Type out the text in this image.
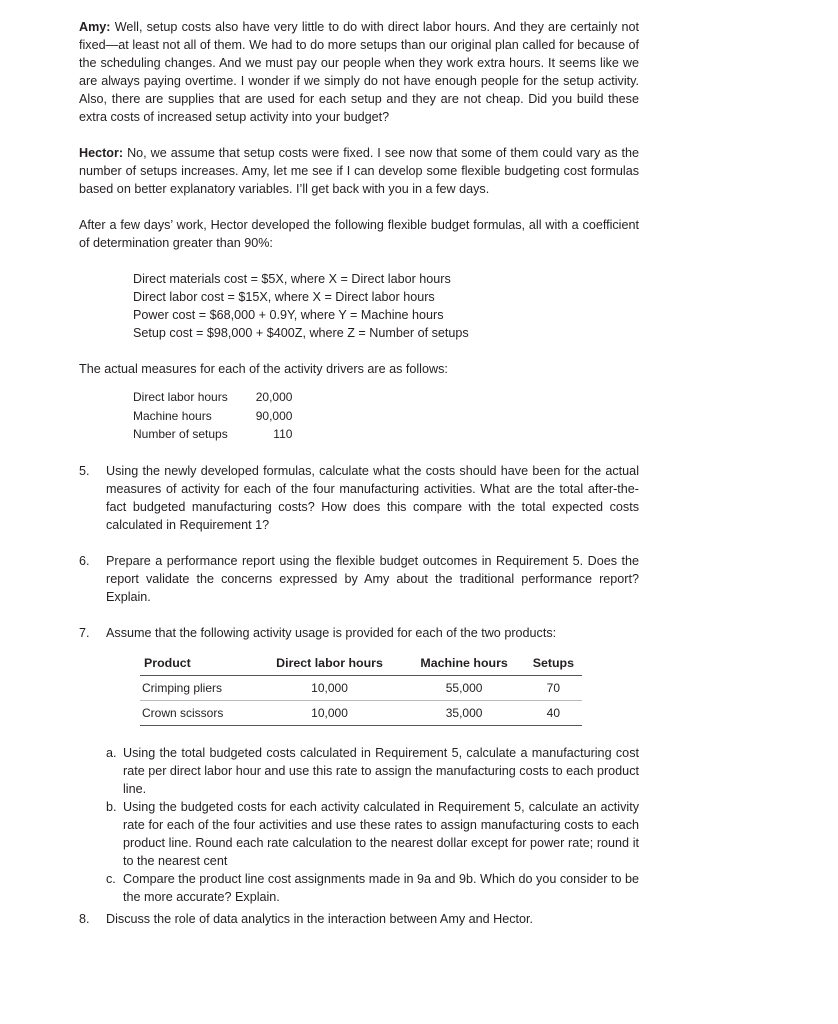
Amy: Well, setup costs also have very little to do with direct labor hours. And they are certainly not fixed—at least not all of them. We had to do more setups than our original plan called for because of the scheduling changes. And we must pay our people when they work extra hours. It seems like we are always paying overtime. I wonder if we simply do not have enough people for the setup activity. Also, there are supplies that are used for each setup and they are not cheap. Did you build these extra costs of increased setup activity into your budget?

Hector: No, we assume that setup costs were fixed. I see now that some of them could vary as the number of setups increases. Amy, let me see if I can develop some flexible budgeting cost formulas based on better explanatory variables. I’ll get back with you in a few days.

After a few days’ work, Hector developed the following flexible budget formulas, all with a coefficient of determination greater than 90%:

Direct materials cost = $5X, where X = Direct labor hours
Direct labor cost = $15X, where X = Direct labor hours
Power cost = $68,000 + 0.9Y, where Y = Machine hours
Setup cost = $98,000 + $400Z, where Z = Number of setups

The actual measures for each of the activity drivers are as follows:

Direct labor hours	20,000
Machine hours	90,000
Number of setups	110
5. Using the newly developed formulas, calculate what the costs should have been for the actual measures of activity for each of the four manufacturing activities. What are the total after-the-fact budgeted manufacturing costs? How does this compare with the total expected costs calculated in Requirement 1?

6. Prepare a performance report using the flexible budget outcomes in Requirement 5. Does the report validate the concerns expressed by Amy about the traditional performance report? Explain.

7. Assume that the following activity usage is provided for each of the two products:

Product	Direct labor hours	Machine hours	Setups
Crimping pliers	10,000	55,000	70
Crown scissors	10,000	35,000	40
a. Using the total budgeted costs calculated in Requirement 5, calculate a manufacturing cost rate per direct labor hour and use this rate to assign the manufacturing costs to each product line.
b. Using the budgeted costs for each activity calculated in Requirement 5, calculate an activity rate for each of the four activities and use these rates to assign manufacturing costs to each product line. Round each rate calculation to the nearest dollar except for power rate; round it to the nearest cent
c. Compare the product line cost assignments made in 9a and 9b. Which do you consider to be the more accurate? Explain.
8. Discuss the role of data analytics in the interaction between Amy and Hector.
